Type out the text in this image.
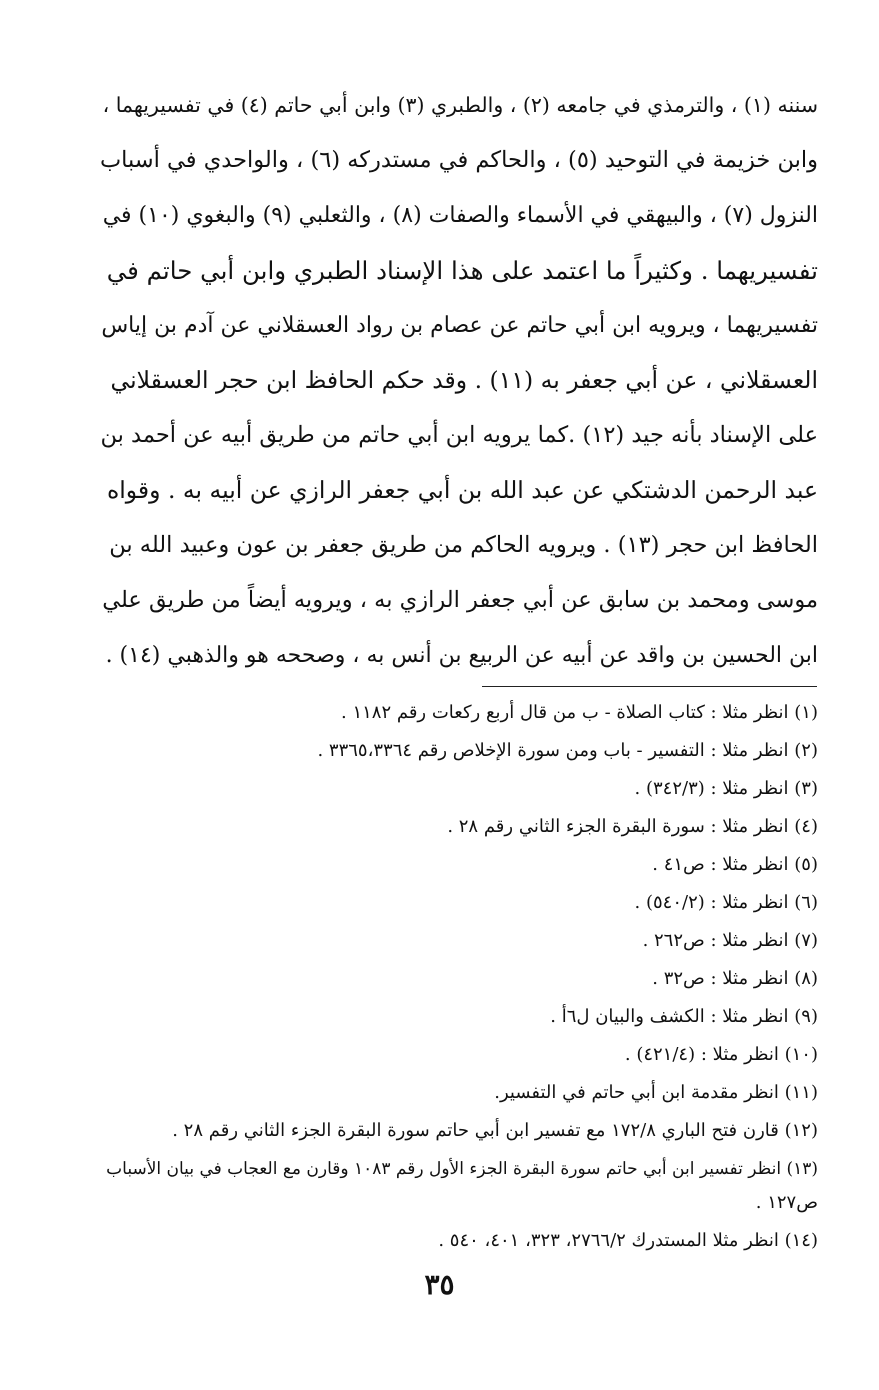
سننه (١) ، والترمذي في جامعه (٢) ، والطبري (٣) وابن أبي حاتم (٤) في تفسيريهما ،
وابن خزيمة في التوحيد (٥) ، والحاكم في مستدركه (٦) ، والواحدي في أسباب
النزول (٧) ، والبيهقي في الأسماء والصفات (٨) ، والثعلبي (٩) والبغوي (١٠) في
تفسيريهما . وكثيراً ما اعتمد على هذا الإسناد الطبري وابن أبي حاتم في
تفسيريهما ، ويرويه ابن أبي حاتم عن عصام بن رواد العسقلاني عن آدم بن إياس
العسقلاني ، عن أبي جعفر به (١١) . وقد حكم الحافظ ابن حجر العسقلاني
على الإسناد بأنه جيد (١٢) .كما يرويه ابن أبي حاتم من طريق أبيه عن أحمد بن
عبد الرحمن الدشتكي عن عبد الله بن أبي جعفر الرازي عن أبيه به . وقواه
الحافظ ابن حجر (١٣) . ويرويه الحاكم من طريق جعفر بن عون وعبيد الله بن
موسى ومحمد بن سابق عن أبي جعفر الرازي به ، ويرويه أيضاً من طريق علي
ابن الحسين بن واقد عن أبيه عن الربيع بن أنس به ، وصححه هو والذهبي (١٤) .
(١) انظر مثلا : كتاب الصلاة - ب من قال أربع ركعات رقم ١١٨٢ .
(٢) انظر مثلا : التفسير - باب ومن سورة الإخلاص رقم ٣٣٦٥،٣٣٦٤ .
(٣) انظر مثلا : (٣٤٢/٣) .
(٤) انظر مثلا : سورة البقرة الجزء الثاني رقم ٢٨ .
(٥) انظر مثلا : ص٤١ .
(٦) انظر مثلا : (٥٤٠/٢) .
(٧) انظر مثلا : ص٢٦٢ .
(٨) انظر مثلا : ص٣٢ .
(٩) انظر مثلا : الكشف والبيان ل٦أ .
(١٠) انظر مثلا : (٤٢١/٤) .
(١١) انظر مقدمة ابن أبي حاتم في التفسير.
(١٢) قارن فتح الباري ١٧٢/٨ مع تفسير ابن أبي حاتم سورة البقرة الجزء الثاني رقم ٢٨ .
(١٣) انظر تفسير ابن أبي حاتم سورة البقرة الجزء الأول رقم ١٠٨٣ وقارن مع العجاب في بيان الأسباب
ص١٢٧ .
(١٤) انظر مثلا المستدرك ٢٧٦٦/٢، ٣٢٣، ٤٠١، ٥٤٠ .
٣٥
